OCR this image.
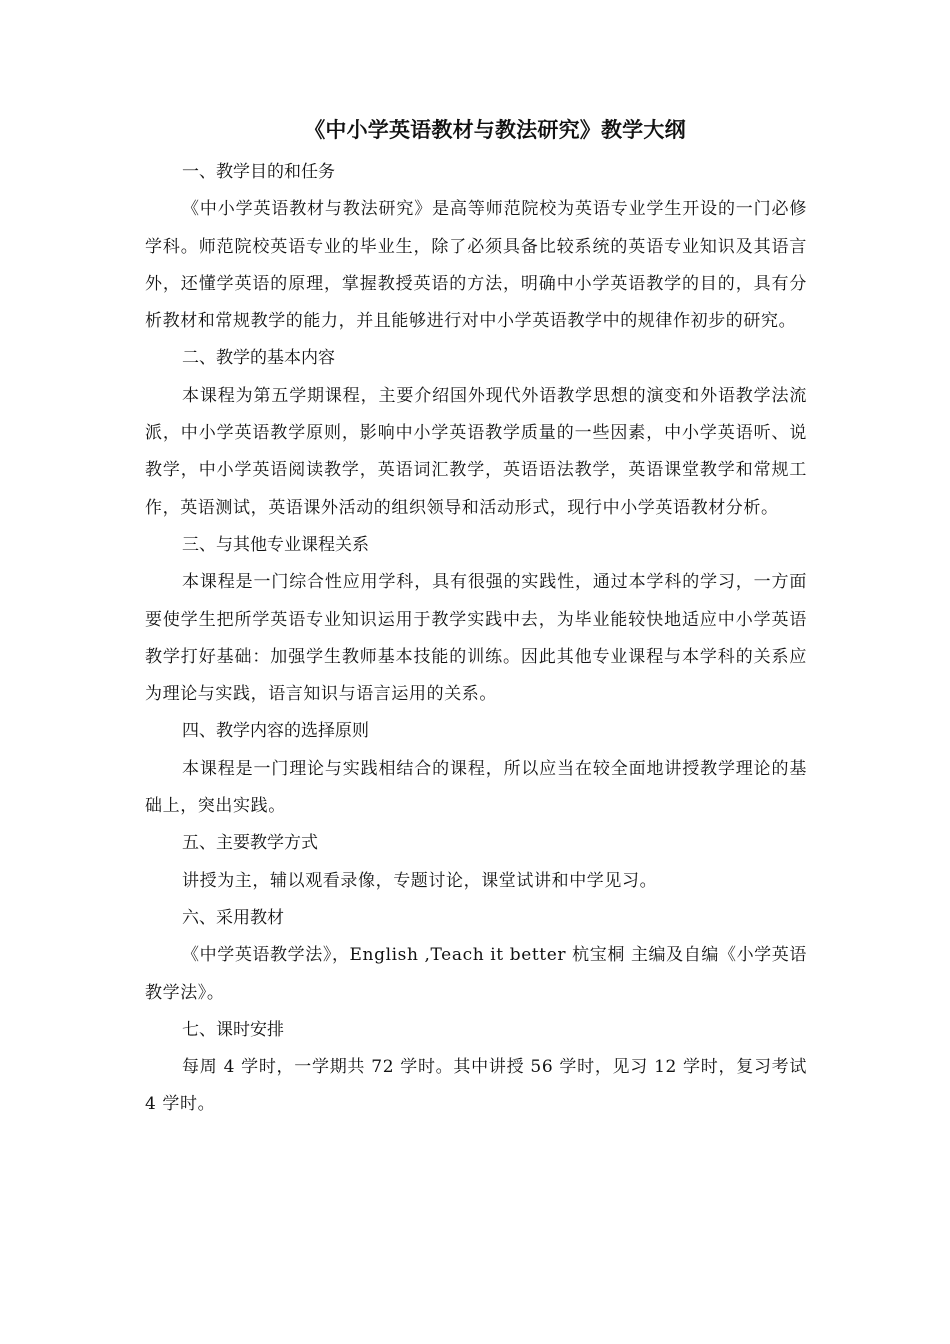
《中小学英语教材与教法研究》教学大纲

一、教学目的和任务

《中小学英语教材与教法研究》是高等师范院校为英语专业学生开设的一门必修学科。师范院校英语专业的毕业生，除了必须具备比较系统的英语专业知识及其语言外，还懂学英语的原理，掌握教授英语的方法，明确中小学英语教学的目的，具有分析教材和常规教学的能力，并且能够进行对中小学英语教学中的规律作初步的研究。

二、教学的基本内容

本课程为第五学期课程，主要介绍国外现代外语教学思想的演变和外语教学法流派，中小学英语教学原则，影响中小学英语教学质量的一些因素，中小学英语听、说教学，中小学英语阅读教学，英语词汇教学，英语语法教学，英语课堂教学和常规工作，英语测试，英语课外活动的组织领导和活动形式，现行中小学英语教材分析。

三、与其他专业课程关系

本课程是一门综合性应用学科，具有很强的实践性，通过本学科的学习，一方面要使学生把所学英语专业知识运用于教学实践中去，为毕业能较快地适应中小学英语教学打好基础：加强学生教师基本技能的训练。因此其他专业课程与本学科的关系应为理论与实践，语言知识与语言运用的关系。

四、教学内容的选择原则

本课程是一门理论与实践相结合的课程，所以应当在较全面地讲授教学理论的基础上，突出实践。

五、主要教学方式

讲授为主，辅以观看录像，专题讨论，课堂试讲和中学见习。

六、采用教材

《中学英语教学法》，English ,Teach it better 杭宝桐 主编及自编《小学英语教学法》。

七、课时安排

每周 4 学时，一学期共 72 学时。其中讲授 56 学时，见习 12 学时，复习考试 4 学时。
